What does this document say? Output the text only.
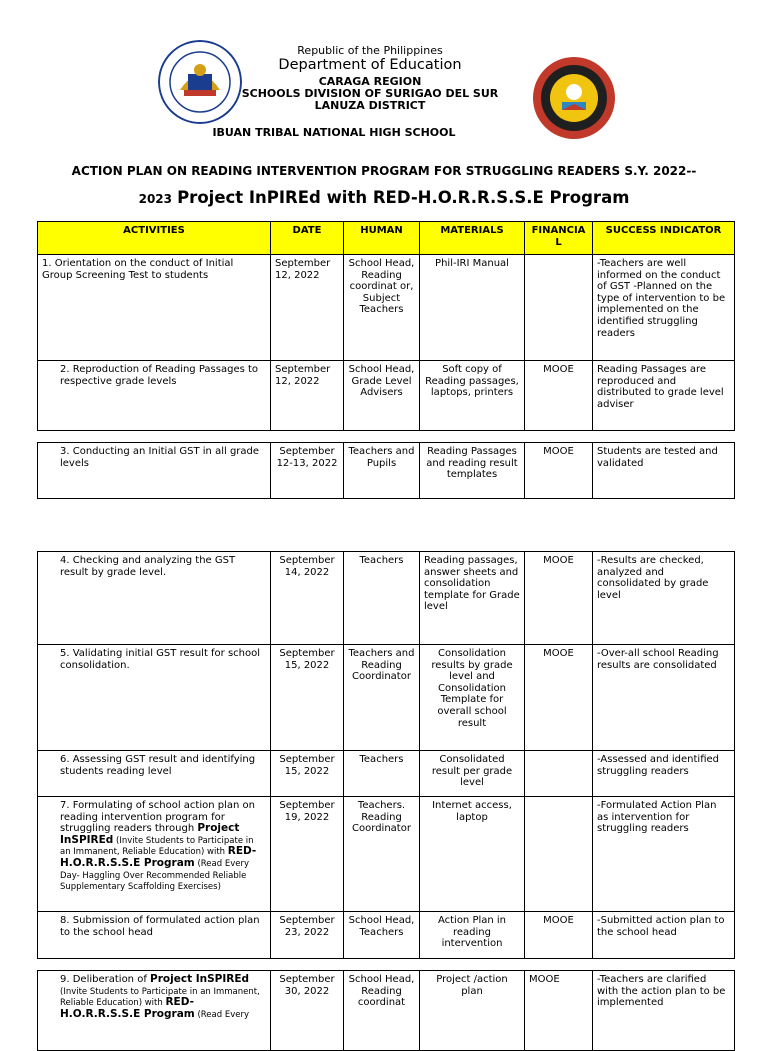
Republic of the Philippines
Department of Education
CARAGA REGION
SCHOOLS DIVISION OF SURIGAO DEL SUR
LANUZA DISTRICT
IBUAN TRIBAL NATIONAL HIGH SCHOOL
ACTION PLAN ON READING INTERVENTION PROGRAM FOR STRUGGLING READERS S.Y. 2022--
2023 Project InPIREd with RED-H.O.R.R.S.S.E Program
ACTIVITIES	DATE	HUMAN	MATERIALS	FINANCIA L	SUCCESS INDICATOR
1. Orientation on the conduct of Initial Group Screening Test to students	September 12, 2022	School Head, Reading coordinat or, Subject Teachers	Phil-IRI Manual		-Teachers are well informed on the conduct of GST -Planned on the type of intervention to be implemented on the identified struggling readers
2. Reproduction of Reading Passages to respective grade levels	September 12, 2022	School Head, Grade Level Advisers	Soft copy of Reading passages, laptops, printers	MOOE	Reading Passages are reproduced and distributed to grade level adviser
3. Conducting an Initial GST in all grade levels	September 12-13, 2022	Teachers and Pupils	Reading Passages and reading result templates	MOOE	Students are tested and validated
4. Checking and analyzing the GST result by grade level.	September 14, 2022	Teachers	Reading passages, answer sheets and consolidation template for Grade level	MOOE	-Results are checked, analyzed and consolidated by grade level
5. Validating initial GST result for school consolidation.	September 15, 2022	Teachers and Reading Coordinator	Consolidation results by grade level and Consolidation Template for overall school result	MOOE	-Over-all school Reading results are consolidated
6. Assessing GST result and identifying students reading level	September 15, 2022	Teachers	Consolidated result per grade level		-Assessed and identified struggling readers
7. Formulating of school action plan on reading intervention program for struggling readers through Project InSPIREd (Invite Students to Participate in an Immanent, Reliable Education) with RED-H.O.R.R.S.S.E Program (Read Every Day- Haggling Over Recommended Reliable Supplementary Scaffolding Exercises)	September 19, 2022	Teachers. Reading Coordinator	Internet access, laptop		-Formulated Action Plan as intervention for struggling readers
8. Submission of formulated action plan to the school head	September 23, 2022	School Head, Teachers	Action Plan in reading intervention	MOOE	-Submitted action plan to the school head
9. Deliberation of Project InSPIREd (Invite Students to Participate in an Immanent, Reliable Education) with RED-H.O.R.R.S.S.E Program (Read Every	September 30, 2022	School Head, Reading coordinat	Project /action plan	MOOE	-Teachers are clarified with the action plan to be implemented
